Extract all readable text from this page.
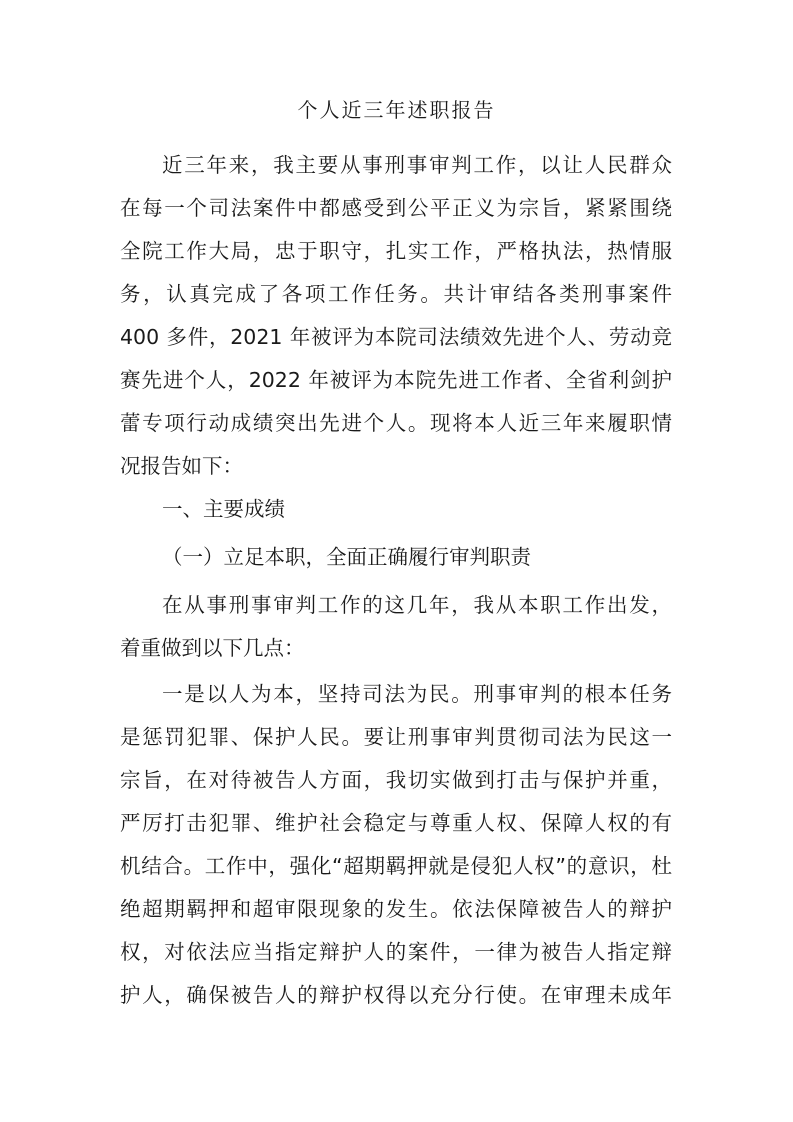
个人近三年述职报告
近三年来，我主要从事刑事审判工作，以让人民群众
在每一个司法案件中都感受到公平正义为宗旨，紧紧围绕
全院工作大局，忠于职守，扎实工作，严格执法，热情服
务，认真完成了各项工作任务。共计审结各类刑事案件
400 多件，2021 年被评为本院司法绩效先进个人、劳动竞
赛先进个人，2022 年被评为本院先进工作者、全省利剑护
蕾专项行动成绩突出先进个人。现将本人近三年来履职情
况报告如下：
一、主要成绩
（一）立足本职，全面正确履行审判职责
在从事刑事审判工作的这几年，我从本职工作出发，
着重做到以下几点：
一是以人为本，坚持司法为民。刑事审判的根本任务
是惩罚犯罪、保护人民。要让刑事审判贯彻司法为民这一
宗旨，在对待被告人方面，我切实做到打击与保护并重，
严厉打击犯罪、维护社会稳定与尊重人权、保障人权的有
机结合。工作中，强化“超期羁押就是侵犯人权”的意识，杜
绝超期羁押和超审限现象的发生。依法保障被告人的辩护
权，对依法应当指定辩护人的案件，一律为被告人指定辩
护人，确保被告人的辩护权得以充分行使。在审理未成年
